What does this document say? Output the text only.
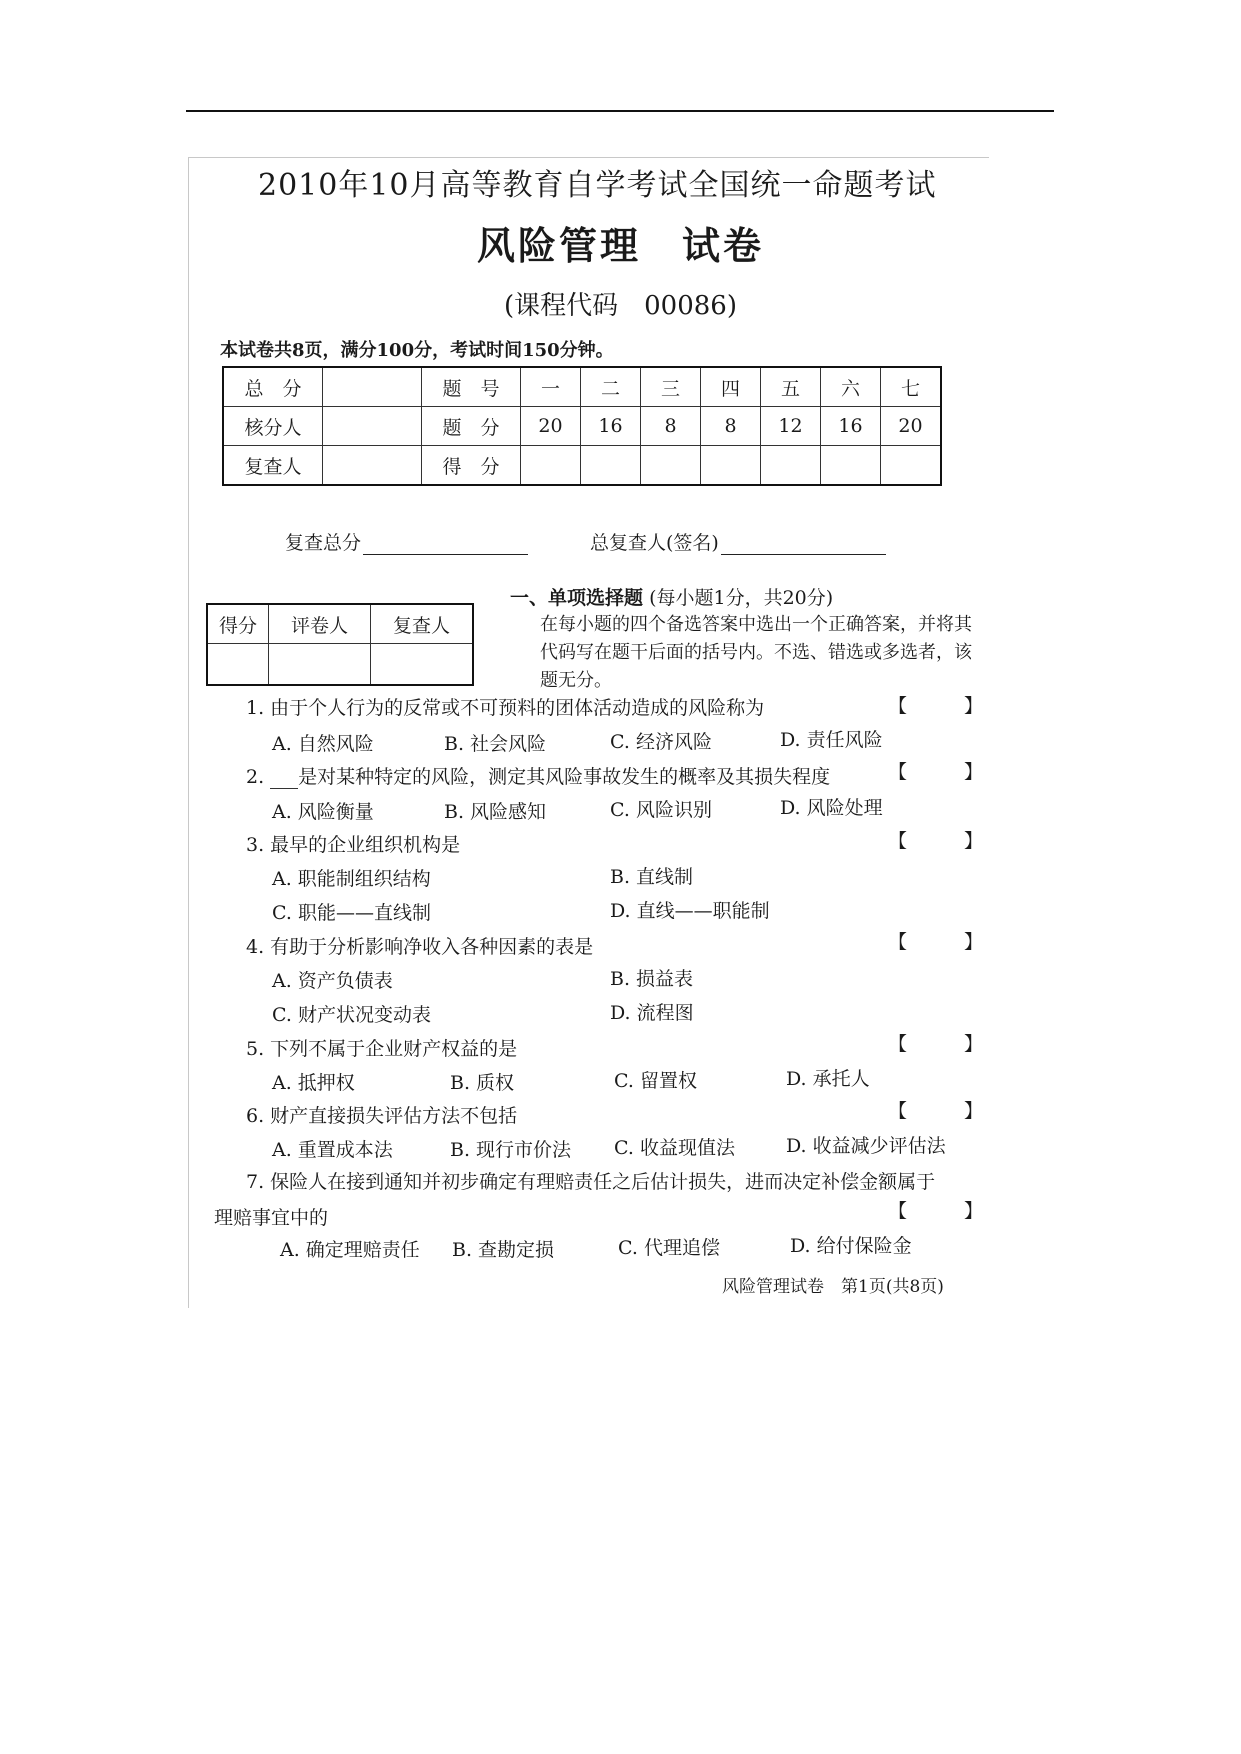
2010年10月高等教育自学考试全国统一命题考试
风险管理　试卷
(课程代码　00086)
本试卷共8页，满分100分，考试时间150分钟。
总　分		题　号	一	二	三	四	五	六	七
核分人		题　分	20	16	8	8	12	16	20
复查人		得　分							
复查总分	总复查人(签名)
得分	评卷人	复查人

一、单项选择题 (每小题1分，共20分)
在每小题的四个备选答案中选出一个正确答案，并将其代码写在题干后面的括号内。不选、错选或多选者，该题无分。
1. 由于个人行为的反常或不可预料的团体活动造成的风险称为	【　　　】
A. 自然风险	B. 社会风险	C. 经济风险	D. 责任风险
2. 是对某种特定的风险，测定其风险事故发生的概率及其损失程度	【　　　】
A. 风险衡量	B. 风险感知	C. 风险识别	D. 风险处理
3. 最早的企业组织机构是	【　　　】
A. 职能制组织结构	B. 直线制
C. 职能——直线制	D. 直线——职能制
4. 有助于分析影响净收入各种因素的表是	【　　　】
A. 资产负债表	B. 损益表
C. 财产状况变动表	D. 流程图
5. 下列不属于企业财产权益的是	【　　　】
A. 抵押权	B. 质权	C. 留置权	D. 承托人
6. 财产直接损失评估方法不包括	【　　　】
A. 重置成本法	B. 现行市价法 C. 收益现值法	D. 收益减少评估法
7. 保险人在接到通知并初步确定有理赔责任之后估计损失，进而决定补偿金额属于
理赔事宜中的	【　　　】
A. 确定理赔责任 B. 查勘定损	C. 代理追偿	D. 给付保险金
风险管理试卷　第1页(共8页)
